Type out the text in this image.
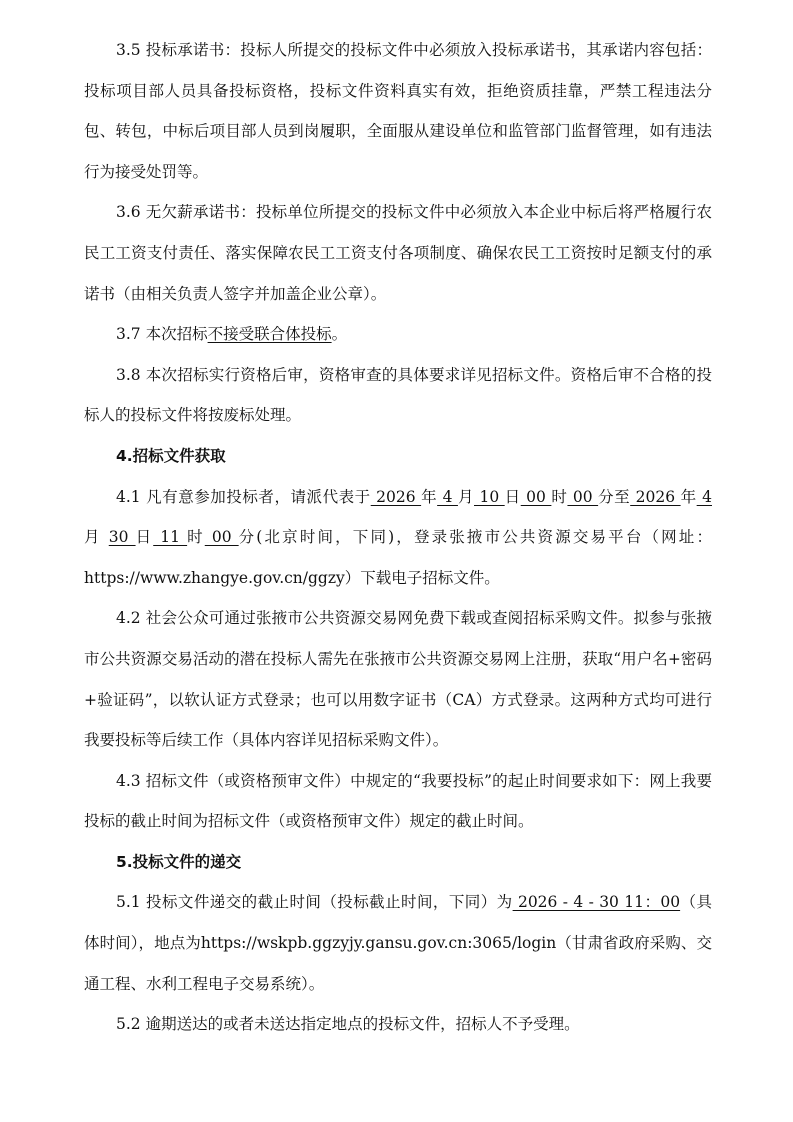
3.5 投标承诺书：投标人所提交的投标文件中必须放入投标承诺书，其承诺内容包括：投标项目部人员具备投标资格，投标文件资料真实有效，拒绝资质挂靠，严禁工程违法分包、转包，中标后项目部人员到岗履职，全面服从建设单位和监管部门监督管理，如有违法行为接受处罚等。

3.6 无欠薪承诺书：投标单位所提交的投标文件中必须放入本企业中标后将严格履行农民工工资支付责任、落实保障农民工工资支付各项制度、确保农民工工资按时足额支付的承诺书（由相关负责人签字并加盖企业公章）。

3.7 本次招标不接受联合体投标。

3.8 本次招标实行资格后审，资格审查的具体要求详见招标文件。资格后审不合格的投标人的投标文件将按废标处理。

4.招标文件获取

4.1 凡有意参加投标者，请派代表于 2026 年 4 月 10 日 00 时 00 分至 2026 年 4 月 30 日 11 时 00 分(北京时间，下同)，登录张掖市公共资源交易平台（网址：https://www.zhangye.gov.cn/ggzy）下载电子招标文件。

4.2 社会公众可通过张掖市公共资源交易网免费下载或查阅招标采购文件。拟参与张掖市公共资源交易活动的潜在投标人需先在张掖市公共资源交易网上注册，获取“用户名+密码+验证码”，以软认证方式登录；也可以用数字证书（CA）方式登录。这两种方式均可进行我要投标等后续工作（具体内容详见招标采购文件）。

4.3 招标文件（或资格预审文件）中规定的“我要投标”的起止时间要求如下：网上我要投标的截止时间为招标文件（或资格预审文件）规定的截止时间。

5.投标文件的递交

5.1 投标文件递交的截止时间（投标截止时间，下同）为 2026 - 4 - 30 11：00（具体时间），地点为https://wskpb.ggzyjy.gansu.gov.cn:3065/login（甘肃省政府采购、交通工程、水利工程电子交易系统）。

5.2 逾期送达的或者未送达指定地点的投标文件，招标人不予受理。
